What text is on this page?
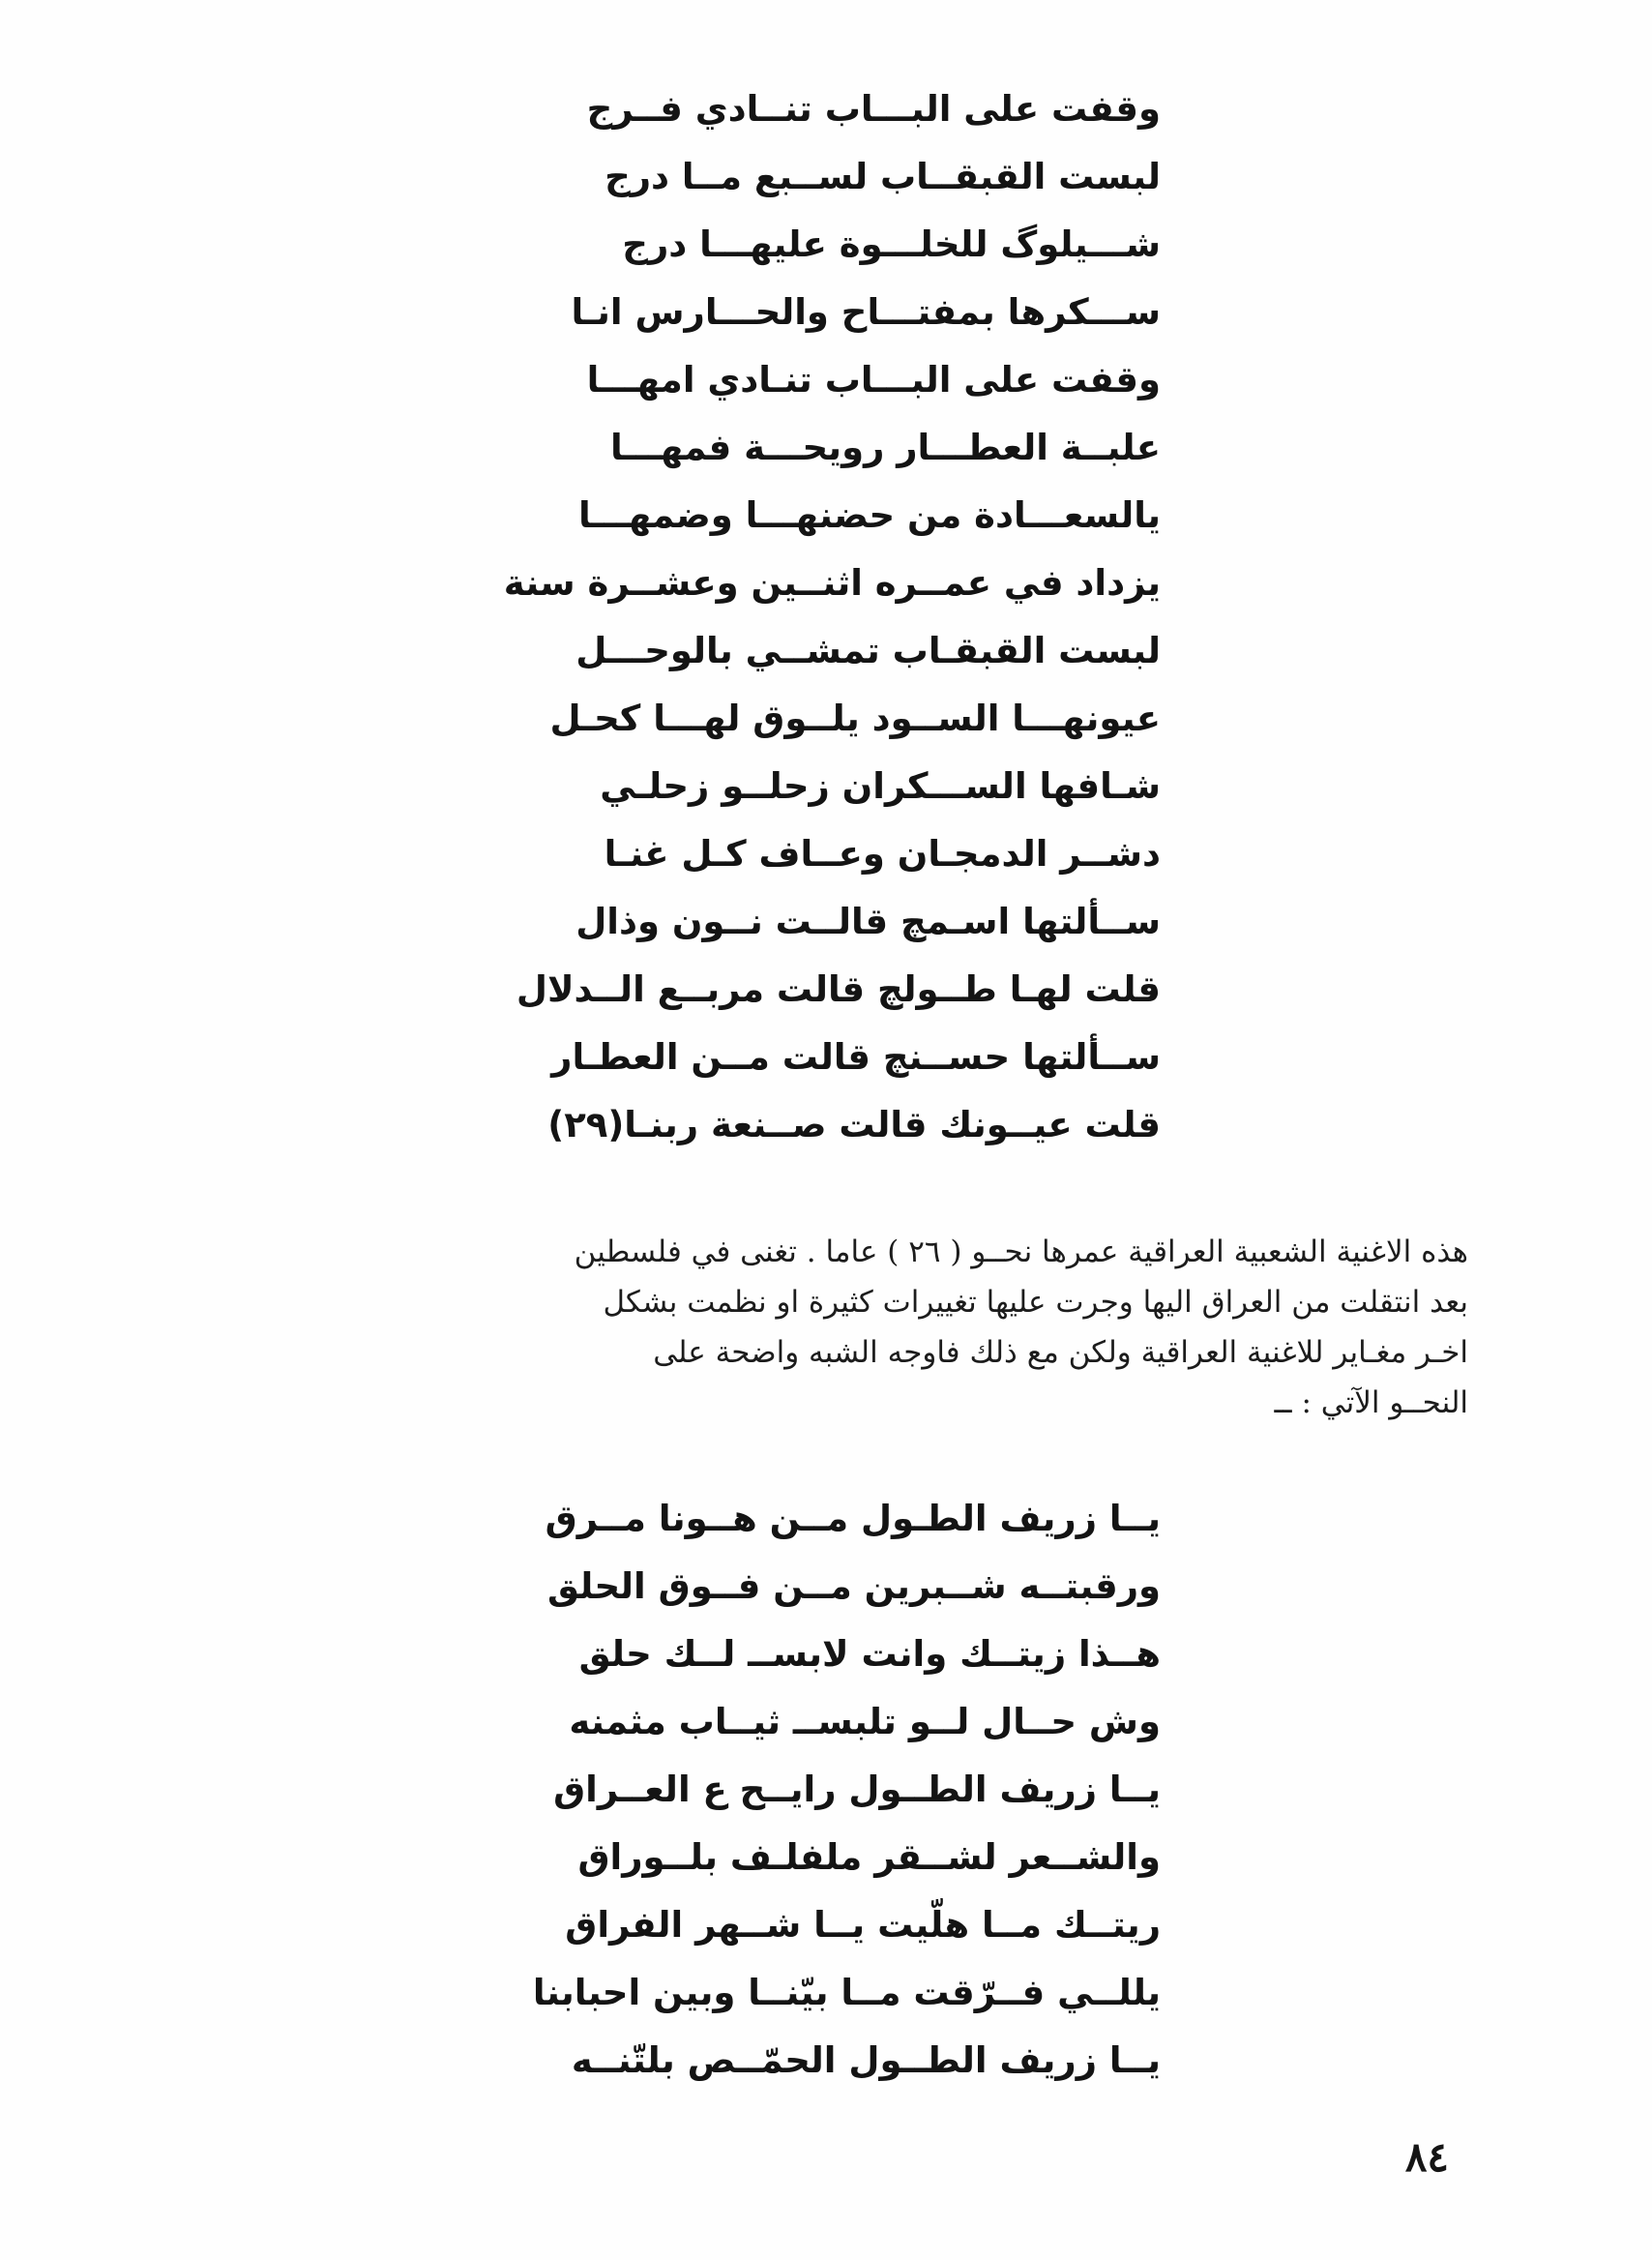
وقفت على البـــاب تنــادي فــرج
لبست القبقــاب لســبع مــا درج
شـــيلوگ للخلـــوة عليهـــا درج
ســـكرها بمفتـــاح والحـــارس انـا
وقفت على البـــاب تنـادي امهـــا
علبــة العطـــار رويحـــة فمهـــا
يالسعـــادة من حضنهـــا وضمهـــا
يزداد في عمــره اثنــين وعشــرة سنة
لبست القبقـاب تمشــي بالوحـــل
عيونهـــا الســود يلــوق لهـــا كحـل
شـافها الســـكران زحلــو زحلـي
دشــر الدمجـان وعــاف كـل غنـا
ســألتها اسـمچ قالــت نــون وذال
قلت لهـا طــولچ قالت مربــع الــدلال
ســألتها حســنچ قالت مــن العطـار
قلت عيــونك قالت صــنعة ربنـا(٢٩)
هذه الاغنية الشعبية العراقية عمرها نحــو ( ٢٦ ) عاما . تغنى في فلسطين
بعد انتقلت من العراق اليها وجرت عليها تغييرات كثيرة او نظمت بشكل
اخـر مغـاير للاغنية العراقية ولكن مع ذلك فاوجه الشبه واضحة على
النحــو الآتي : ــ
يــا زريف الطـول مــن هــونا مــرق
ورقبتــه شــبرين مــن فــوق الحلق
هــذا زيتــك وانت لابســ لــك حلق
وش حــال لــو تلبســ ثيــاب مثمنه
يــا زريف الطــول رايــح ع العــراق
والشــعر لشــقر ملفلـف بلــوراق
ريتــك مــا هلّيت يــا شــهر الفراق
يللــي فــرّقت مــا بيّنــا وبين احبابنا
يــا زريف الطــول الحمّــص بلتّنــه
٨٤
